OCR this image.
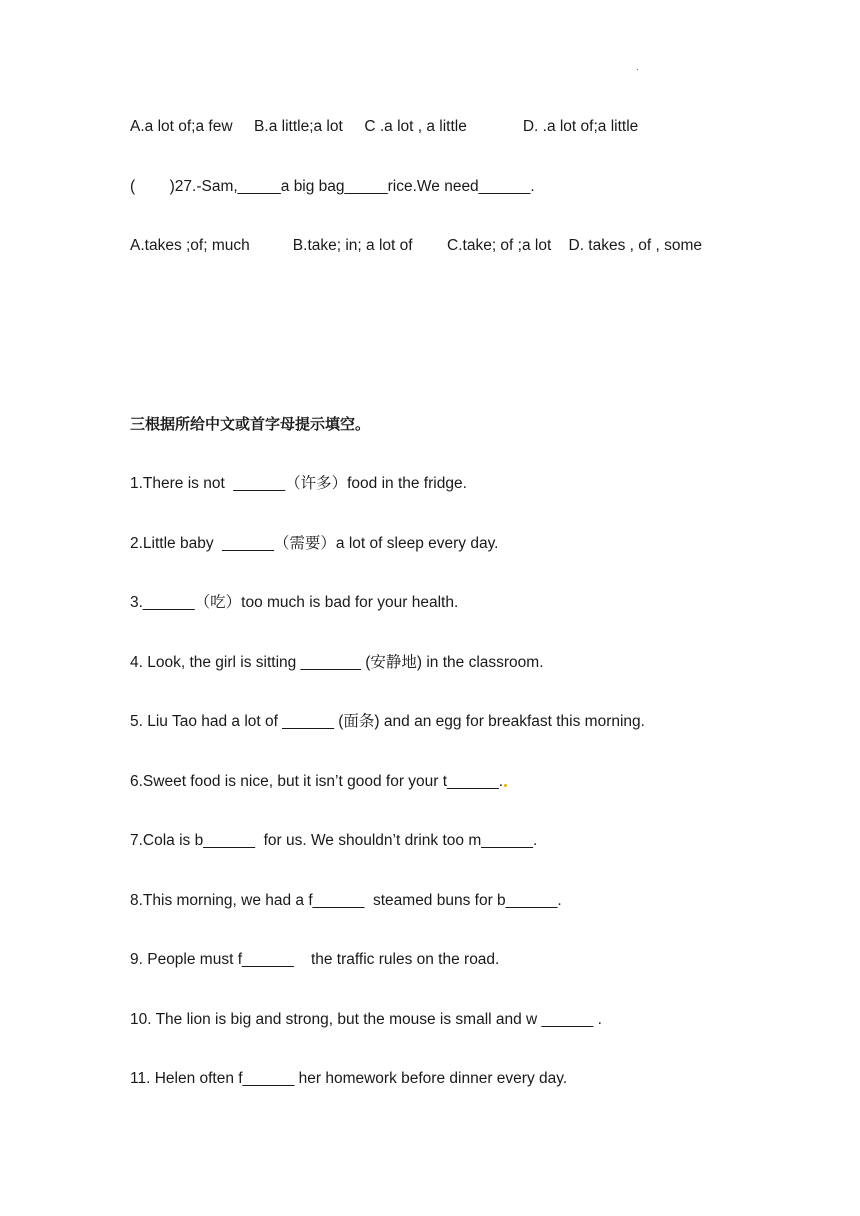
·
A.a lot of;a few     B.a little;a lot     C .a lot , a little             D. .a lot of;a little
(        )27.-Sam,_____a big bag_____rice.We need______.
A.takes ;of; much          B.take; in; a lot of        C.take; of ;a lot    D. takes , of , some
三根据所给中文或首字母提示填空。
1.There is not  ______（许多）food in the fridge.
2.Little baby  ______（需要）a lot of sleep every day.
3.______（吃）too much is bad for your health.
4. Look, the girl is sitting _______ (安静地) in the classroom.
5. Liu Tao had a lot of ______ (面条) and an egg for breakfast this morning.
6.Sweet food is nice, but it isn’t good for your t______.
7.Cola is b______  for us. We shouldn’t drink too m______.
8.This morning, we had a f______  steamed buns for b______.
9. People must f______    the traffic rules on the road.
10. The lion is big and strong, but the mouse is small and w ______ .
11. Helen often f______ her homework before dinner every day.
